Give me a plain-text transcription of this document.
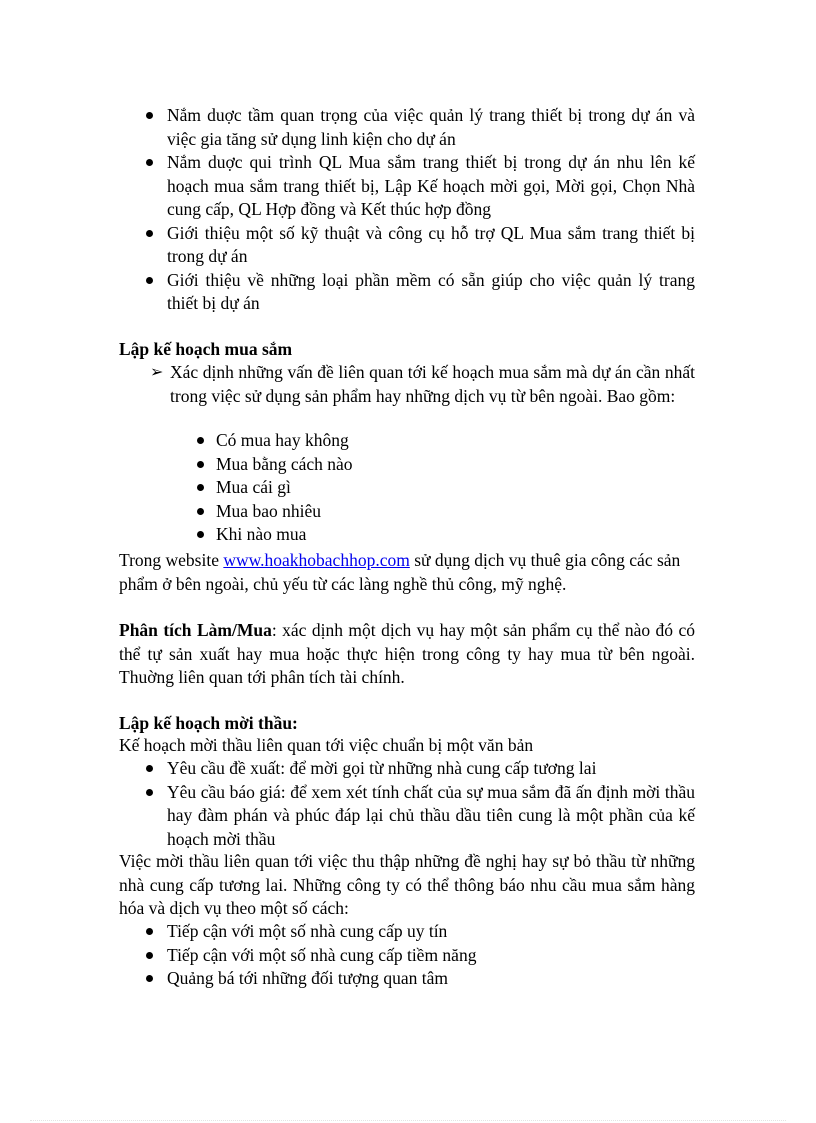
Nắm duợc tầm quan trọng của việc quản lý trang thiết bị trong dự án và việc gia tăng sử dụng linh kiện cho dự án
Nắm duợc qui trình QL Mua sắm trang thiết bị trong dự án nhu lên kế hoạch mua sắm trang thiết bị, Lập Kế hoạch mời gọi, Mời gọi, Chọn Nhà cung cấp, QL Hợp đồng và Kết thúc hợp đồng
Giới thiệu một số kỹ thuật và công cụ hỗ trợ QL Mua sắm trang thiết bị trong dự án
Giới thiệu về những loại phần mềm có sẵn giúp cho việc quản lý trang thiết bị dự án
Lập kế hoạch mua sắm
➢ Xác dịnh những vấn đề liên quan tới kế hoạch mua sắm mà dự án cần nhất trong việc sử dụng sản phẩm hay những dịch vụ từ bên ngoài. Bao gồm:
Có mua hay không
Mua bằng cách nào
Mua cái gì
Mua bao nhiêu
Khi nào mua
Trong website www.hoakhobachhop.com sử dụng dịch vụ thuê gia công các sản phẩm ở bên ngoài, chủ yếu từ các làng nghề thủ công, mỹ nghệ.
Phân tích Làm/Mua: xác dịnh một dịch vụ hay một sản phẩm cụ thể nào đó có thể tự sản xuất hay mua hoặc thực hiện trong công ty hay mua từ bên ngoài. Thuờng liên quan tới phân tích tài chính.
Lập kế hoạch mời thầu:
Kế hoạch mời thầu liên quan tới việc chuẩn bị một văn bản
Yêu cầu đề xuất: để mời gọi từ những nhà cung cấp tương lai
Yêu cầu báo giá: để xem xét tính chất của sự mua sắm đã ấn định mời thầu hay đàm phán và phúc đáp lại chủ thầu dầu tiên cung là một phần của kế hoạch mời thầu
Việc mời thầu liên quan tới việc thu thập những đề nghị hay sự bỏ thầu từ những nhà cung cấp tương lai. Những công ty có thể thông báo nhu cầu mua sắm hàng hóa và dịch vụ theo một số cách:
Tiếp cận với một số nhà cung cấp uy tín
Tiếp cận với một số nhà cung cấp tiềm năng
Quảng bá tới những đối tượng quan tâm
